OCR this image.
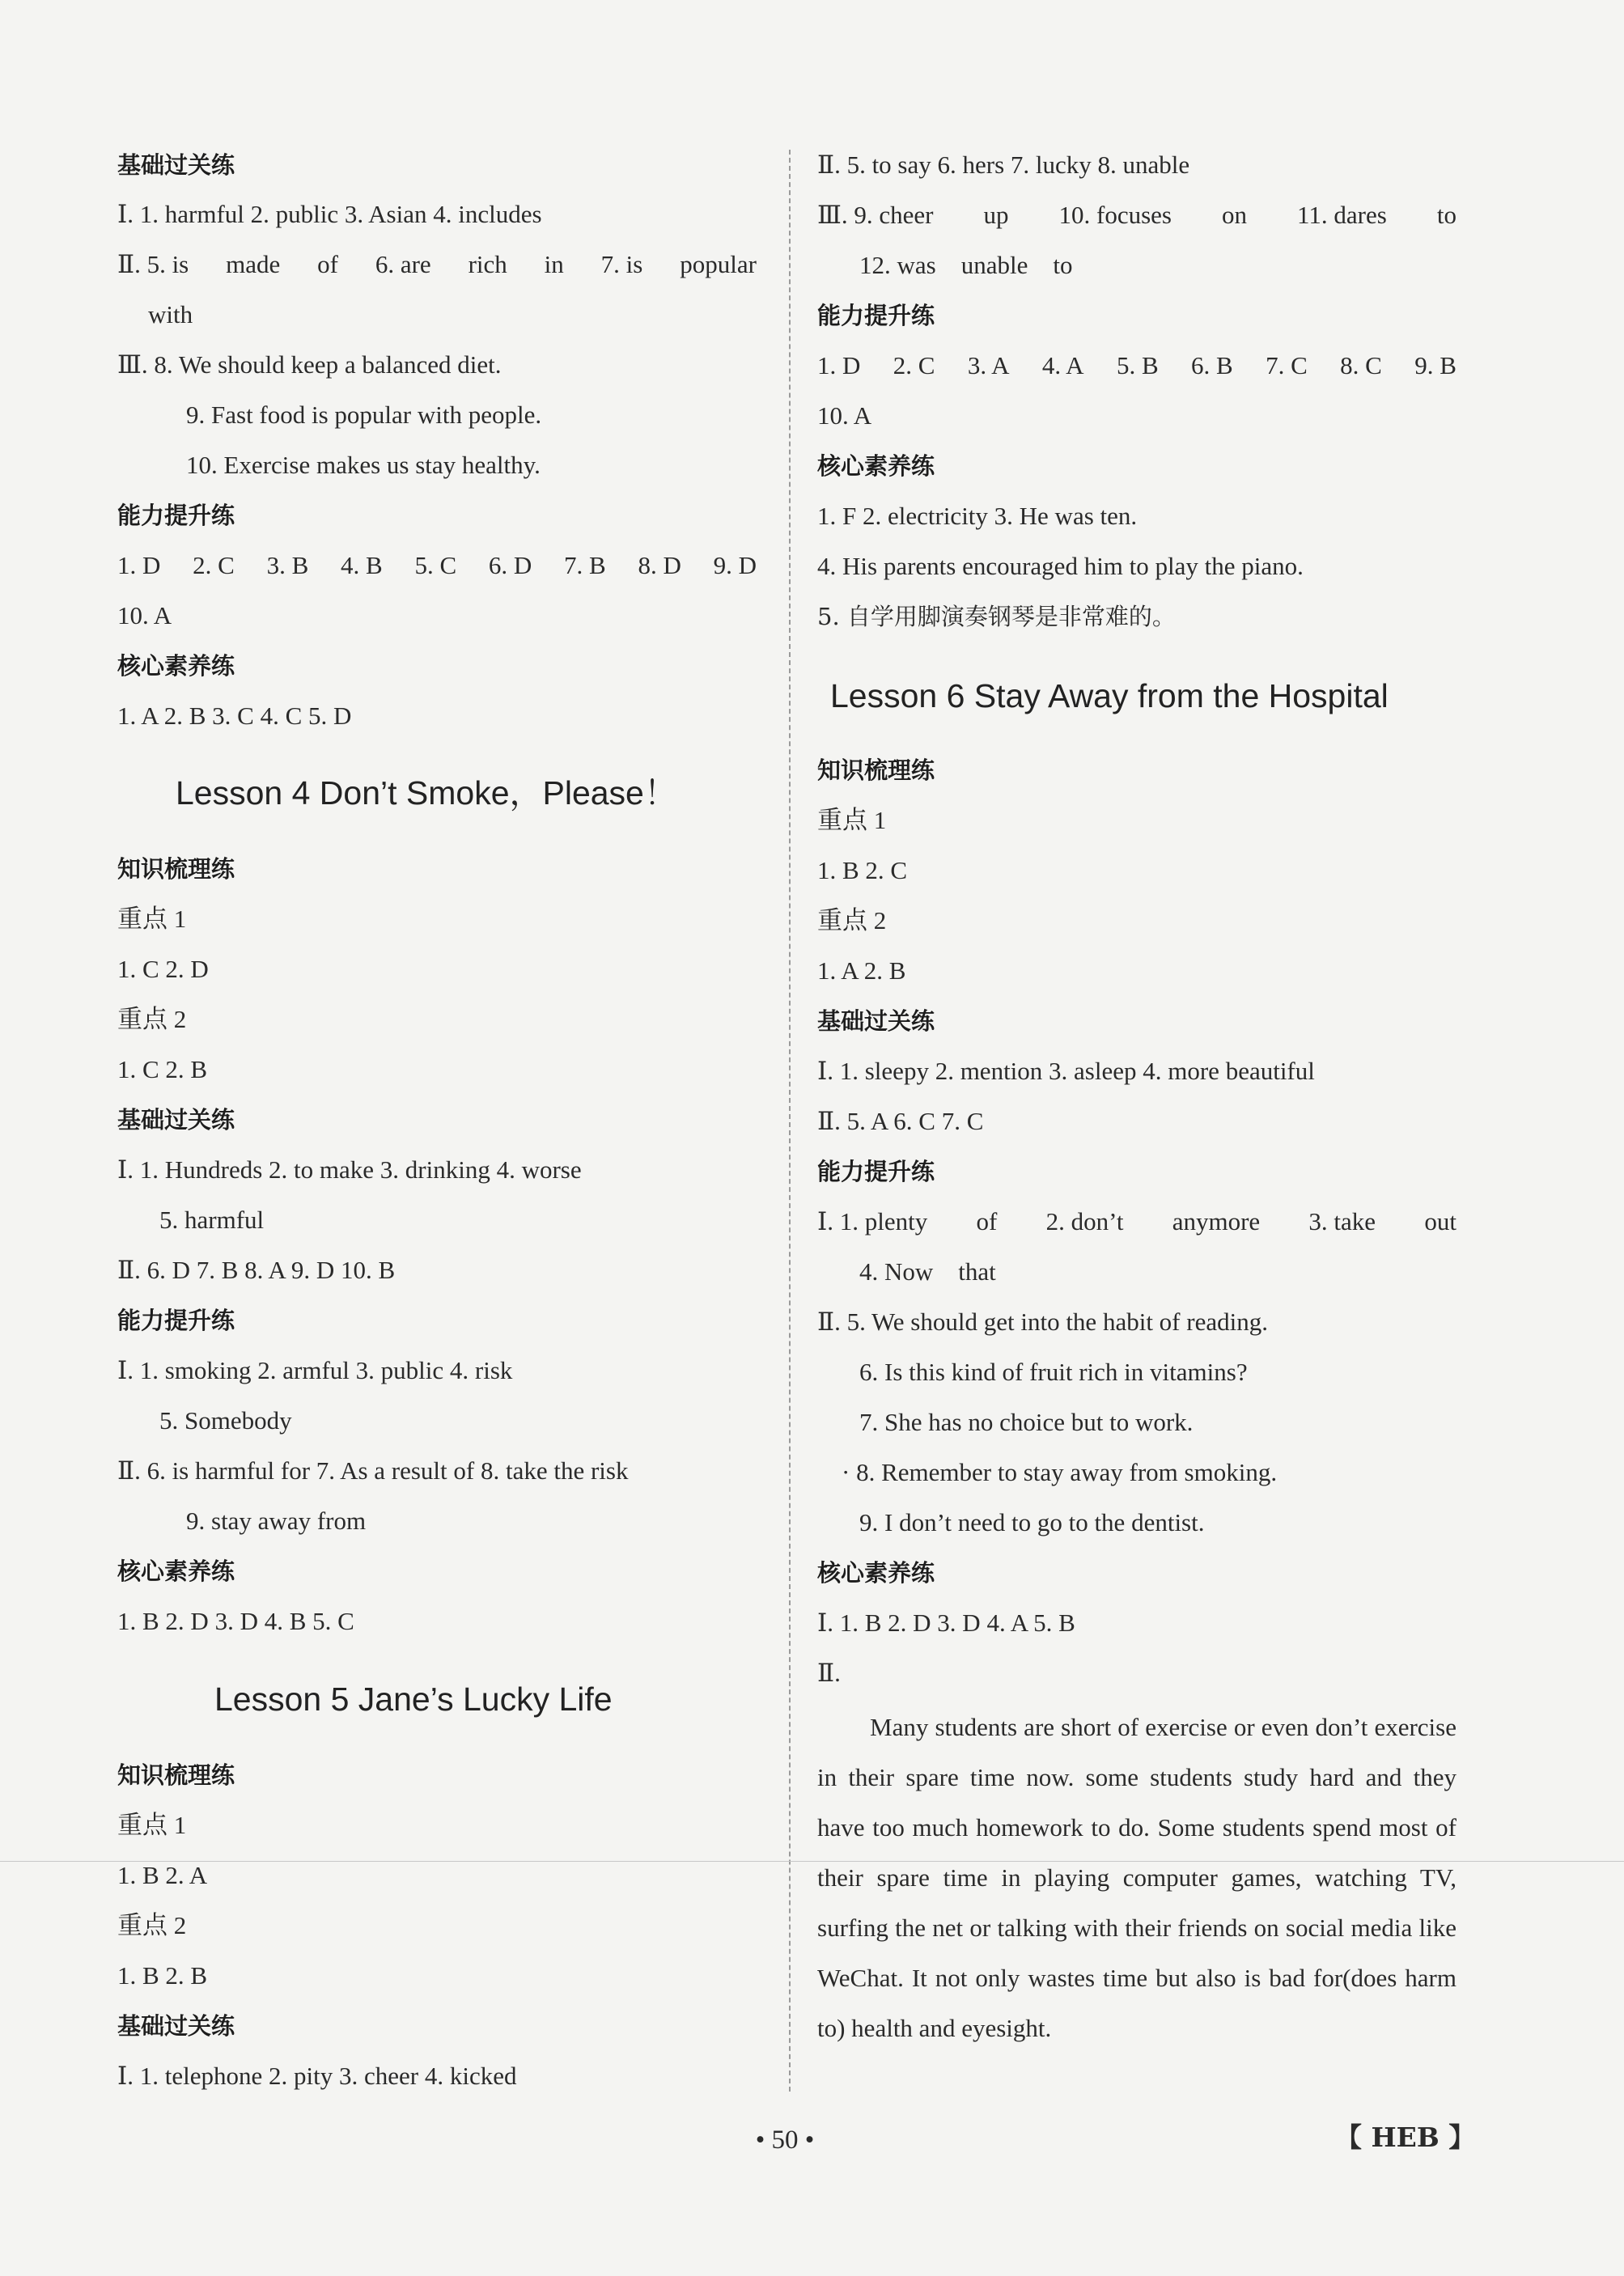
基础过关练
Ⅰ. 1. harmful 2. public 3. Asian 4. includes
Ⅱ. 5. is made of 6. are rich in 7. is popular
with
Ⅲ. 8. We should keep a balanced diet.
9. Fast food is popular with people.
10. Exercise makes us stay healthy.
能力提升练
1. D 2. C 3. B 4. B 5. C 6. D 7. B 8. D 9. D
10. A
核心素养练
1. A 2. B 3. C 4. C 5. D
Lesson 4 Don’t Smoke，Please！
知识梳理练
重点 1
1. C 2. D
重点 2
1. C 2. B
基础过关练
Ⅰ. 1. Hundreds 2. to make 3. drinking 4. worse
5. harmful
Ⅱ. 6. D 7. B 8. A 9. D 10. B
能力提升练
Ⅰ. 1. smoking 2. armful 3. public 4. risk
5. Somebody
Ⅱ. 6. is harmful for 7. As a result of 8. take the risk
9. stay away from
核心素养练
1. B 2. D 3. D 4. B 5. C
Lesson 5 Jane’s Lucky Life
知识梳理练
重点 1
1. B 2. A
重点 2
1. B 2. B
基础过关练
Ⅰ. 1. telephone 2. pity 3. cheer 4. kicked
Ⅱ. 5. to say 6. hers 7. lucky 8. unable
Ⅲ. 9. cheer up 10. focuses on 11. dares to
12. was    unable    to
能力提升练
1. D 2. C 3. A 4. A 5. B 6. B 7. C 8. C 9. B
10. A
核心素养练
1. F 2. electricity 3. He was ten.
4. His parents encouraged him to play the piano.
5. 自学用脚演奏钢琴是非常难的。
Lesson 6 Stay Away from the Hospital
知识梳理练
重点 1
1. B 2. C
重点 2
1. A 2. B
基础过关练
Ⅰ. 1. sleepy 2. mention 3. asleep 4. more beautiful
Ⅱ. 5. A 6. C 7. C
能力提升练
Ⅰ. 1. plenty of 2. don’t anymore 3. take out
4. Now    that
Ⅱ. 5. We should get into the habit of reading.
6. Is this kind of fruit rich in vitamins?
7. She has no choice but to work.
· 8. Remember to stay away from smoking.
9. I don’t need to go to the dentist.
核心素养练
Ⅰ. 1. B 2. D 3. D 4. A 5. B
Ⅱ.
Many students are short of exercise or even don’t exercise in their spare time now. some students study hard and they have too much homework to do. Some students spend most of their spare time in playing computer games, watching TV, surfing the net or talking with their friends on social media like WeChat. It not only wastes time but also is bad for(does harm to) health and eyesight.
• 50 •	【 HEB 】
